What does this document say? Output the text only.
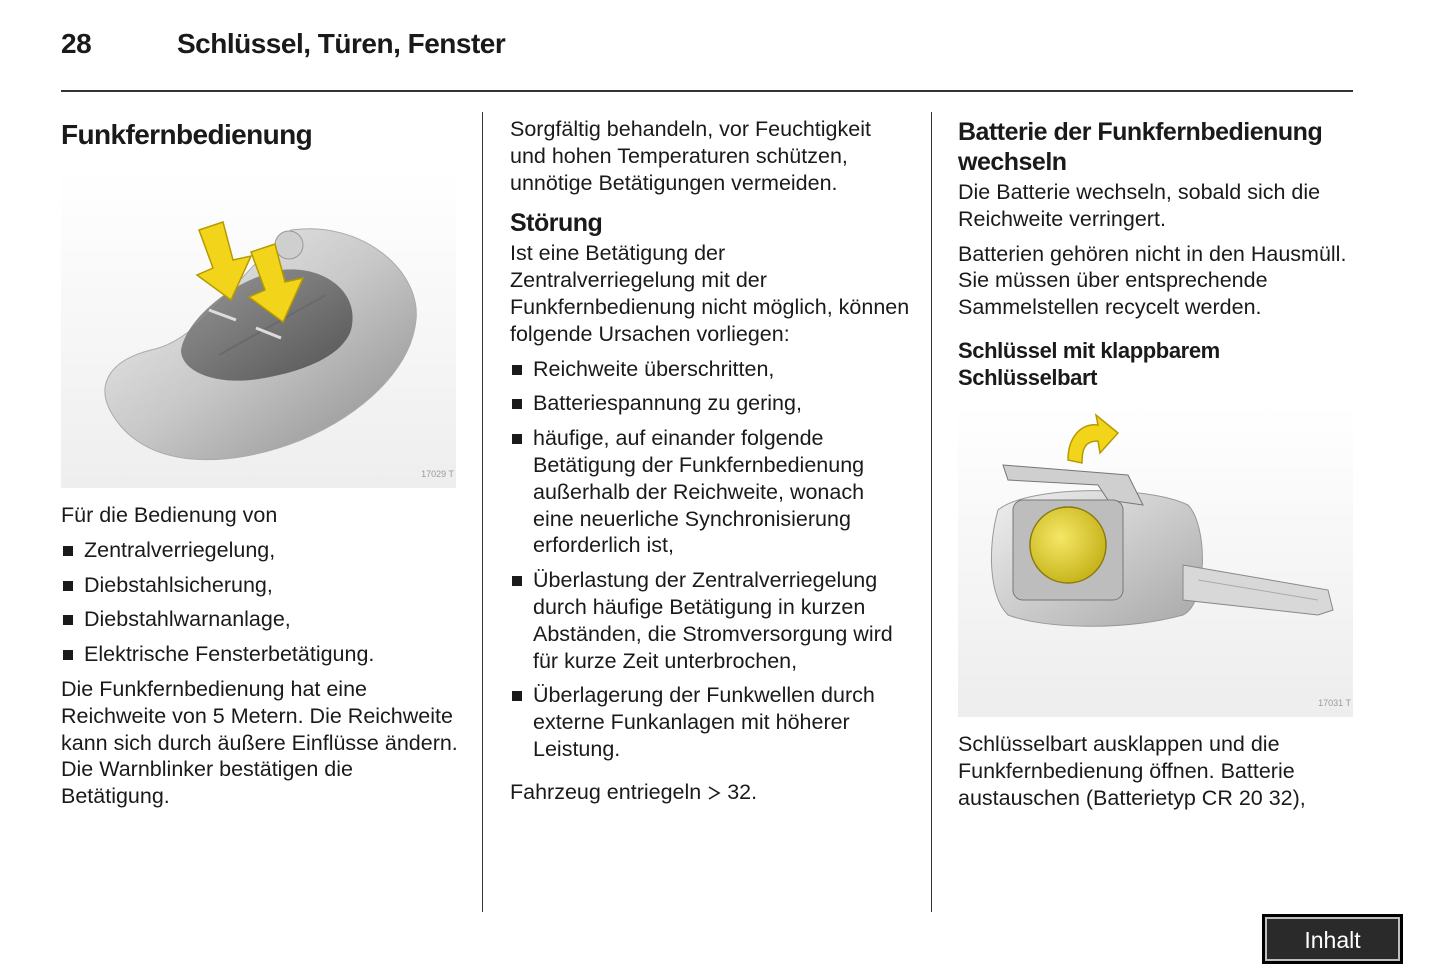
28	Schlüssel, Türen, Fenster
Funkfernbedienung
17029 T

Für die Bedienung von

Zentralverriegelung,
Diebstahlsicherung,
Diebstahlwarnanlage,
Elektrische Fensterbetätigung.

Die Funkfernbedienung hat eine Reichweite von 5 Metern. Die Reichweite kann sich durch äußere Einflüsse ändern. Die Warnblinker bestätigen die Betätigung.

Sorgfältig behandeln, vor Feuchtigkeit und hohen Temperaturen schützen, unnötige Betätigungen vermeiden.

Störung

Ist eine Betätigung der Zentralverriegelung mit der Funkfernbedienung nicht möglich, können folgende Ursachen vorliegen:

Reichweite überschritten,
Batteriespannung zu gering,
häufige, auf einander folgende Betätigung der Funkfernbedienung außerhalb der Reichweite, wonach eine neuerliche Synchronisierung erforderlich ist,
Überlastung der Zentralverriegelung durch häufige Betätigung in kurzen Abständen, die Stromversorgung wird für kurze Zeit unterbrochen,
Überlagerung der Funkwellen durch externe Funkanlagen mit höherer Leistung.

Fahrzeug entriegeln 32.

Batterie der Funkfernbedienung wechseln

Die Batterie wechseln, sobald sich die Reichweite verringert.

Batterien gehören nicht in den Hausmüll. Sie müssen über entsprechende Sammelstellen recycelt werden.

Schlüssel mit klappbarem Schlüsselbart
17031 T

Schlüsselbart ausklappen und die Funkfernbedienung öffnen. Batterie austauschen (Batterietyp CR 20 32),

Inhalt
